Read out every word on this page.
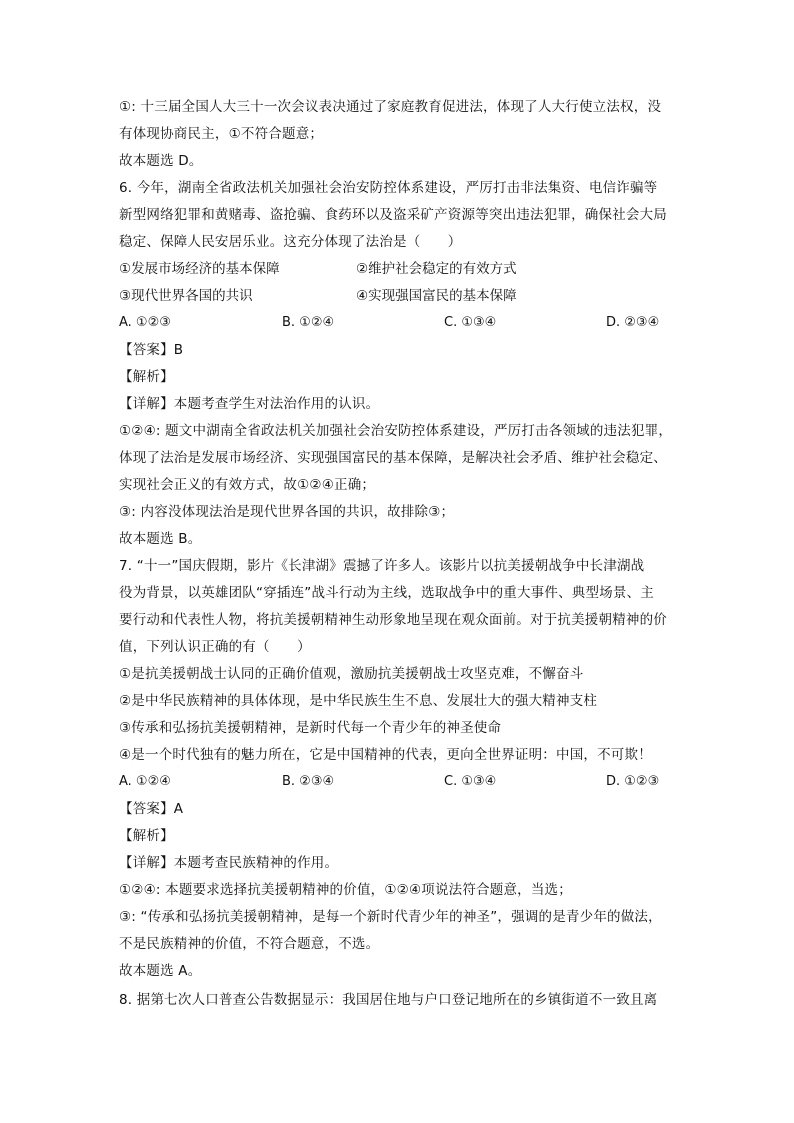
①: 十三届全国人大三十一次会议表决通过了家庭教育促进法，体现了人大行使立法权，没
有体现协商民主，①不符合题意；
故本题选 D。
6. 今年，湖南全省政法机关加强社会治安防控体系建设，严厉打击非法集资、电信诈骗等
新型网络犯罪和黄赌毒、盗抢骗、食药环以及盗采矿产资源等突出违法犯罪，确保社会大局
稳定、保障人民安居乐业。这充分体现了法治是（　　）
①发展市场经济的基本保障	②维护社会稳定的有效方式
③现代世界各国的共识	④实现强国富民的基本保障
A. ①②③	B. ①②④	C. ①③④	D. ②③④
【答案】B
【解析】
【详解】本题考查学生对法治作用的认识。
①②④: 题文中湖南全省政法机关加强社会治安防控体系建设，严厉打击各领域的违法犯罪，
体现了法治是发展市场经济、实现强国富民的基本保障，是解决社会矛盾、维护社会稳定、
实现社会正义的有效方式，故①②④正确；
③: 内容没体现法治是现代世界各国的共识，故排除③；
故本题选 B。
7. “十一”国庆假期，影片《长津湖》震撼了许多人。该影片以抗美援朝战争中长津湖战
役为背景，以英雄团队“穿插连”战斗行动为主线，选取战争中的重大事件、典型场景、主
要行动和代表性人物，将抗美援朝精神生动形象地呈现在观众面前。对于抗美援朝精神的价
值，下列认识正确的有（　　）
①是抗美援朝战士认同的正确价值观，激励抗美援朝战士攻坚克难，不懈奋斗
②是中华民族精神的具体体现，是中华民族生生不息、发展壮大的强大精神支柱
③传承和弘扬抗美援朝精神，是新时代每一个青少年的神圣使命
④是一个时代独有的魅力所在，它是中国精神的代表，更向全世界证明：中国，不可欺！
A. ①②④	B. ②③④	C. ①③④	D. ①②③
【答案】A
【解析】
【详解】本题考查民族精神的作用。
①②④: 本题要求选择抗美援朝精神的价值，①②④项说法符合题意，当选；
③: “传承和弘扬抗美援朝精神，是每一个新时代青少年的神圣”，强调的是青少年的做法，
不是民族精神的价值，不符合题意，不选。
故本题选 A。
8. 据第七次人口普查公告数据显示：我国居住地与户口登记地所在的乡镇街道不一致且离
